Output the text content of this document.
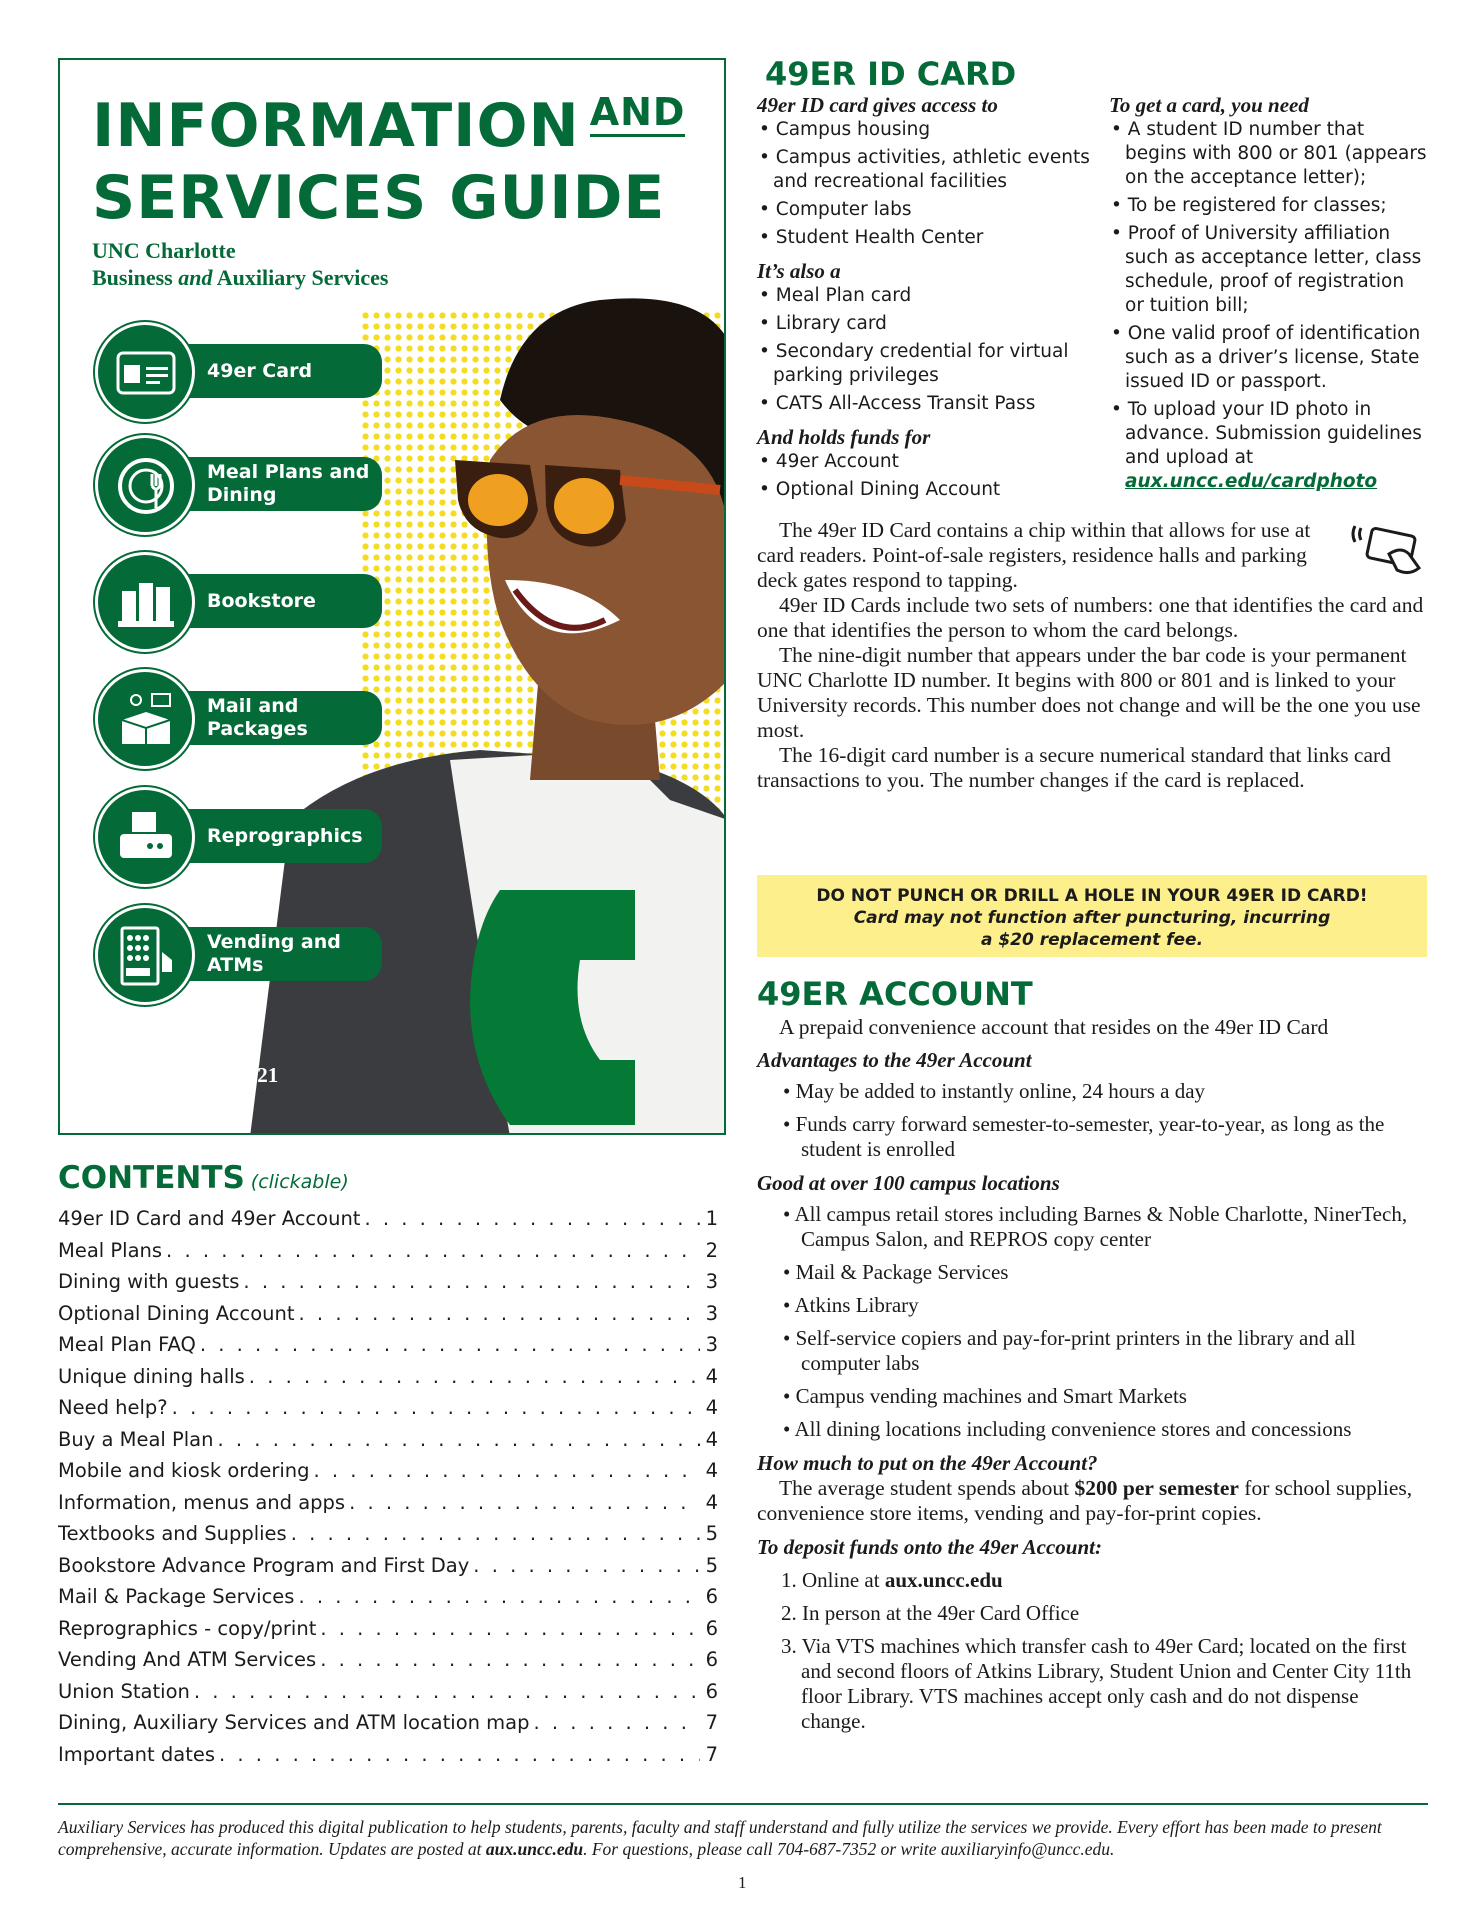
INFORMATION AND
SERVICES GUIDE
UNC Charlotte
Business and Auxiliary Services
49er Card
Meal Plans and Dining
Bookstore
Mail and Packages
Reprographics
Vending and ATMs
Fall 2021
CONTENTS (clickable)
49er ID Card and 49er Account . . .	1
Meal Plans . . .	2
Dining with guests . . .	3
Optional Dining Account . . .	3
Meal Plan FAQ . . .	3
Unique dining halls . . .	4
Need help? . . .	4
Buy a Meal Plan . . .	4
Mobile and kiosk ordering . . .	4
Information, menus and apps . . .	4
Textbooks and Supplies . . .	5
Bookstore Advance Program and First Day . . .	5
Mail & Package Services . . .	6
Reprographics - copy/print . . .	6
Vending And ATM Services . . .	6
Union Station . . .	6
Dining, Auxiliary Services and ATM location map . . .	7
Important dates . . .	7
49ER ID CARD
49er ID card gives access to
• Campus housing
• Campus activities, athletic events and recreational facilities
• Computer labs
• Student Health Center
It’s also a
• Meal Plan card
• Library card
• Secondary credential for virtual parking privileges
• CATS All-Access Transit Pass
And holds funds for
• 49er Account
• Optional Dining Account
To get a card, you need
• A student ID number that begins with 800 or 801 (appears on the acceptance letter);
• To be registered for classes;
• Proof of University affiliation such as acceptance letter, class schedule, proof of registration or tuition bill;
• One valid proof of identification such as a driver’s license, State issued ID or passport.
• To upload your ID photo in advance. Submission guidelines and upload at aux.uncc.edu/cardphoto

The 49er ID Card contains a chip within that allows for use at card readers. Point-of-sale registers, residence halls and parking deck gates respond to tapping.

49er ID Cards include two sets of numbers: one that identifies the card and one that identifies the person to whom the card belongs.

The nine-digit number that appears under the bar code is your permanent UNC Charlotte ID number. It begins with 800 or 801 and is linked to your University records. This number does not change and will be the one you use most.

The 16-digit card number is a secure numerical standard that links card transactions to you. The number changes if the card is replaced.

DO NOT PUNCH OR DRILL A HOLE IN YOUR 49ER ID CARD!
Card may not function after puncturing, incurring a $20 replacement fee.
49ER ACCOUNT

A prepaid convenience account that resides on the 49er ID Card

Advantages to the 49er Account
• May be added to instantly online, 24 hours a day
• Funds carry forward semester-to-semester, year-to-year, as long as the student is enrolled
Good at over 100 campus locations
• All campus retail stores including Barnes & Noble Charlotte, NinerTech, Campus Salon, and REPROS copy center
• Mail & Package Services
• Atkins Library
• Self-service copiers and pay-for-print printers in the library and all computer labs
• Campus vending machines and Smart Markets
• All dining locations including convenience stores and concessions
How much to put on the 49er Account?

The average student spends about $200 per semester for school supplies, convenience store items, vending and pay-for-print copies.

To deposit funds onto the 49er Account:
1. Online at aux.uncc.edu
2. In person at the 49er Card Office
3. Via VTS machines which transfer cash to 49er Card; located on the first and second floors of Atkins Library, Student Union and Center City 11th floor Library. VTS machines accept only cash and do not dispense change.
Auxiliary Services has produced this digital publication to help students, parents, faculty and staff understand and fully utilize the services we provide. Every effort has been made to present comprehensive, accurate information. Updates are posted at aux.uncc.edu. For questions, please call 704-687-7352 or write auxiliaryinfo@uncc.edu.
1
